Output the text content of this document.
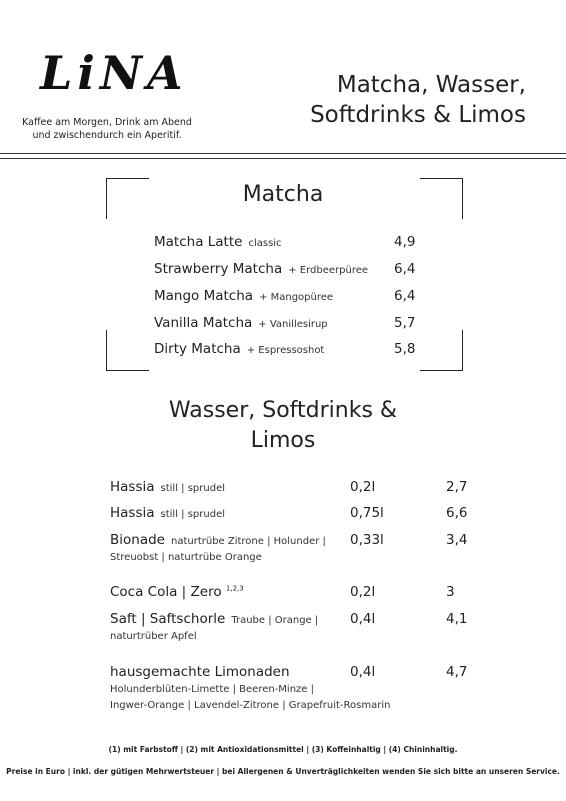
LiNA
Kaffee am Morgen, Drink am Abend
und zwischendurch ein Aperitif.
Matcha, Wasser,
Softdrinks & Limos
Matcha
Matcha Latte classic	4,9
Strawberry Matcha + Erdbeerpüree 6,4
Mango Matcha + Mangopüree	6,4
Vanilla Matcha + Vanillesirup	5,7
Dirty Matcha + Espressoshot	5,8
Wasser, Softdrinks &
Limos
Hassia still | sprudel	0,2l	2,7
Hassia still | sprudel	0,75l	6,6
Bionade naturtrübe Zitrone | Holunder |
Streuobst | naturtrübe Orange
0,33l	3,4
Coca Cola | Zero $^{1,2,3}$	0,2l	3
Saft | Saftschorle Traube | Orange |
naturtrüber Apfel
0,4l	4,1
hausgemachte Limonaden
Holunderblüten-Limette | Beeren-Minze |
Ingwer-Orange | Lavendel-Zitrone | Grapefruit-Rosmarin
0,4l	4,7
(1) mit Farbstoff | (2) mit Antioxidationsmittel | (3) Koffeinhaltig | (4) Chininhaltig.
Preise in Euro | inkl. der gütigen Mehrwertsteuer | bei Allergenen & Unverträglichkeiten wenden Sie sich bitte an unseren Service.
